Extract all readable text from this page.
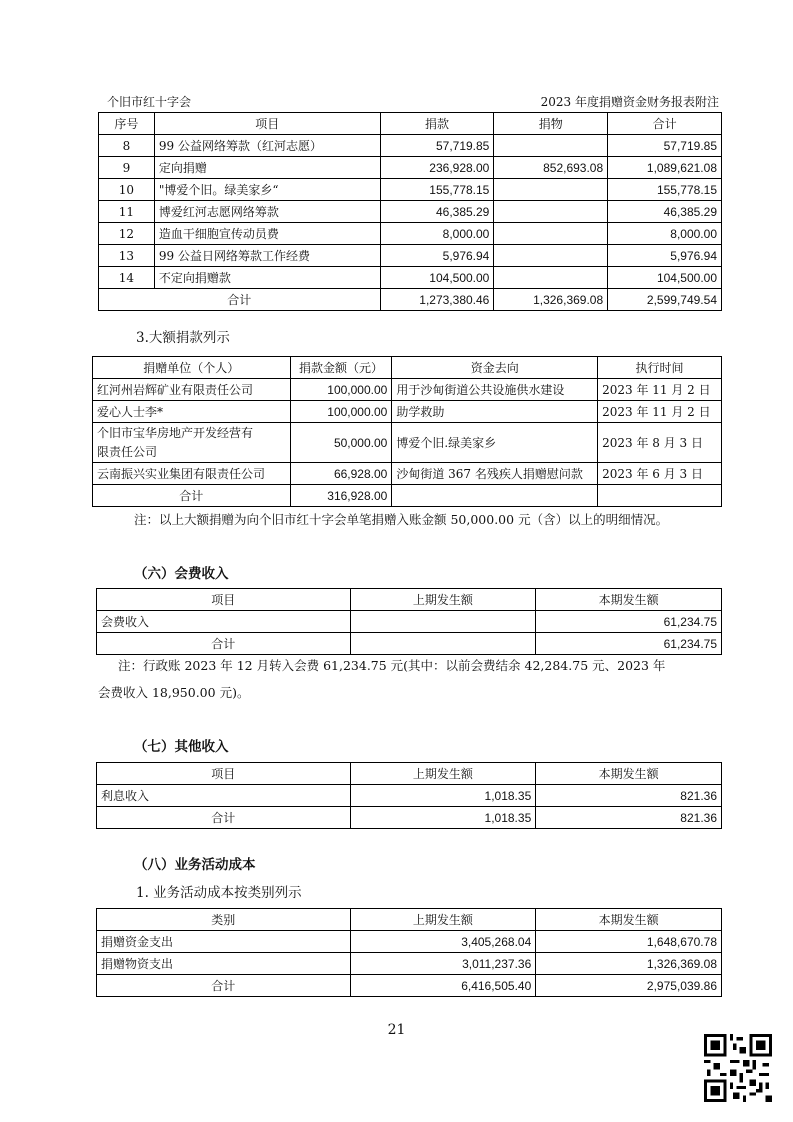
个旧市红十字会	2023 年度捐赠资金财务报表附注
序号	项目	捐款	捐物	合计
8	99 公益网络筹款（红河志愿）	57,719.85		57,719.85
9	定向捐赠	236,928.00	852,693.08	1,089,621.08
10	"博爱个旧。绿美家乡“	155,778.15		155,778.15
11	博爱红河志愿网络筹款	46,385.29		46,385.29
12	造血干细胞宣传动员费	8,000.00		8,000.00
13	99 公益日网络筹款工作经费	5,976.94		5,976.94
14	不定向捐赠款	104,500.00		104,500.00
合计		1,273,380.46	1,326,369.08	2,599,749.54
3.大额捐款列示
捐赠单位（个人）	捐款金额（元）	资金去向	执行时间
红河州岩辉矿业有限责任公司	100,000.00	用于沙甸街道公共设施供水建设	2023 年 11 月 2 日
爱心人士李*	100,000.00	助学救助	2023 年 11 月 2 日
个旧市宝华房地产开发经营有
限责任公司	50,000.00	博爱个旧.绿美家乡	2023 年 8 月 3 日
云南振兴实业集团有限责任公司	66,928.00	沙甸街道 367 名残疾人捐赠慰问款	2023 年 6 月 3 日
合计	316,928.00		
注：以上大额捐赠为向个旧市红十字会单笔捐赠入账金额 50,000.00 元（含）以上的明细情况。
（六）会费收入
项目	上期发生额	本期发生额
会费收入		61,234.75
合计		61,234.75
注：行政账 2023 年 12 月转入会费 61,234.75 元(其中：以前会费结余 42,284.75 元、2023 年
会费收入 18,950.00 元)。
（七）其他收入
项目	上期发生额	本期发生额
利息收入	1,018.35	821.36
合计	1,018.35	821.36
（八）业务活动成本
1. 业务活动成本按类别列示
类别	上期发生额	本期发生额
捐赠资金支出	3,405,268.04	1,648,670.78
捐赠物资支出	3,011,237.36	1,326,369.08
合计	6,416,505.40	2,975,039.86
21
